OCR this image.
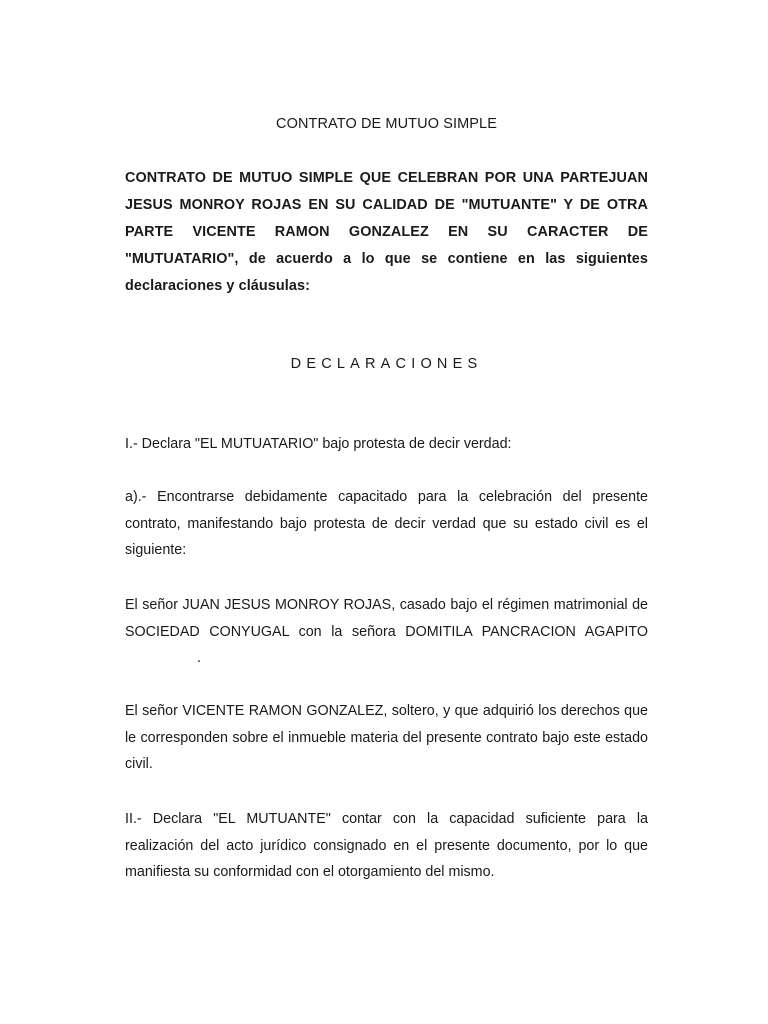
CONTRATO DE MUTUO SIMPLE
CONTRATO DE MUTUO SIMPLE QUE CELEBRAN POR UNA PARTEJUAN JESUS MONROY ROJAS EN SU CALIDAD DE "MUTUANTE" Y DE OTRA PARTE VICENTE RAMON GONZALEZ EN SU CARACTER DE "MUTUATARIO", de acuerdo a lo que se contiene en las siguientes declaraciones y cláusulas:
DECLARACIONES

I.- Declara "EL MUTUATARIO" bajo protesta de decir verdad:

a).- Encontrarse debidamente capacitado para la celebración del presente contrato, manifestando bajo protesta de decir verdad que su estado civil es el siguiente:

El señor JUAN JESUS MONROY ROJAS, casado bajo el régimen matrimonial de SOCIEDAD CONYUGAL con la señora DOMITILA PANCRACION AGAPITO.

El señor VICENTE RAMON GONZALEZ, soltero, y que adquirió los derechos que le corresponden sobre el inmueble materia del presente contrato bajo este estado civil.

II.- Declara "EL MUTUANTE" contar con la capacidad suficiente para la realización del acto jurídico consignado en el presente documento, por lo que manifiesta su conformidad con el otorgamiento del mismo.
